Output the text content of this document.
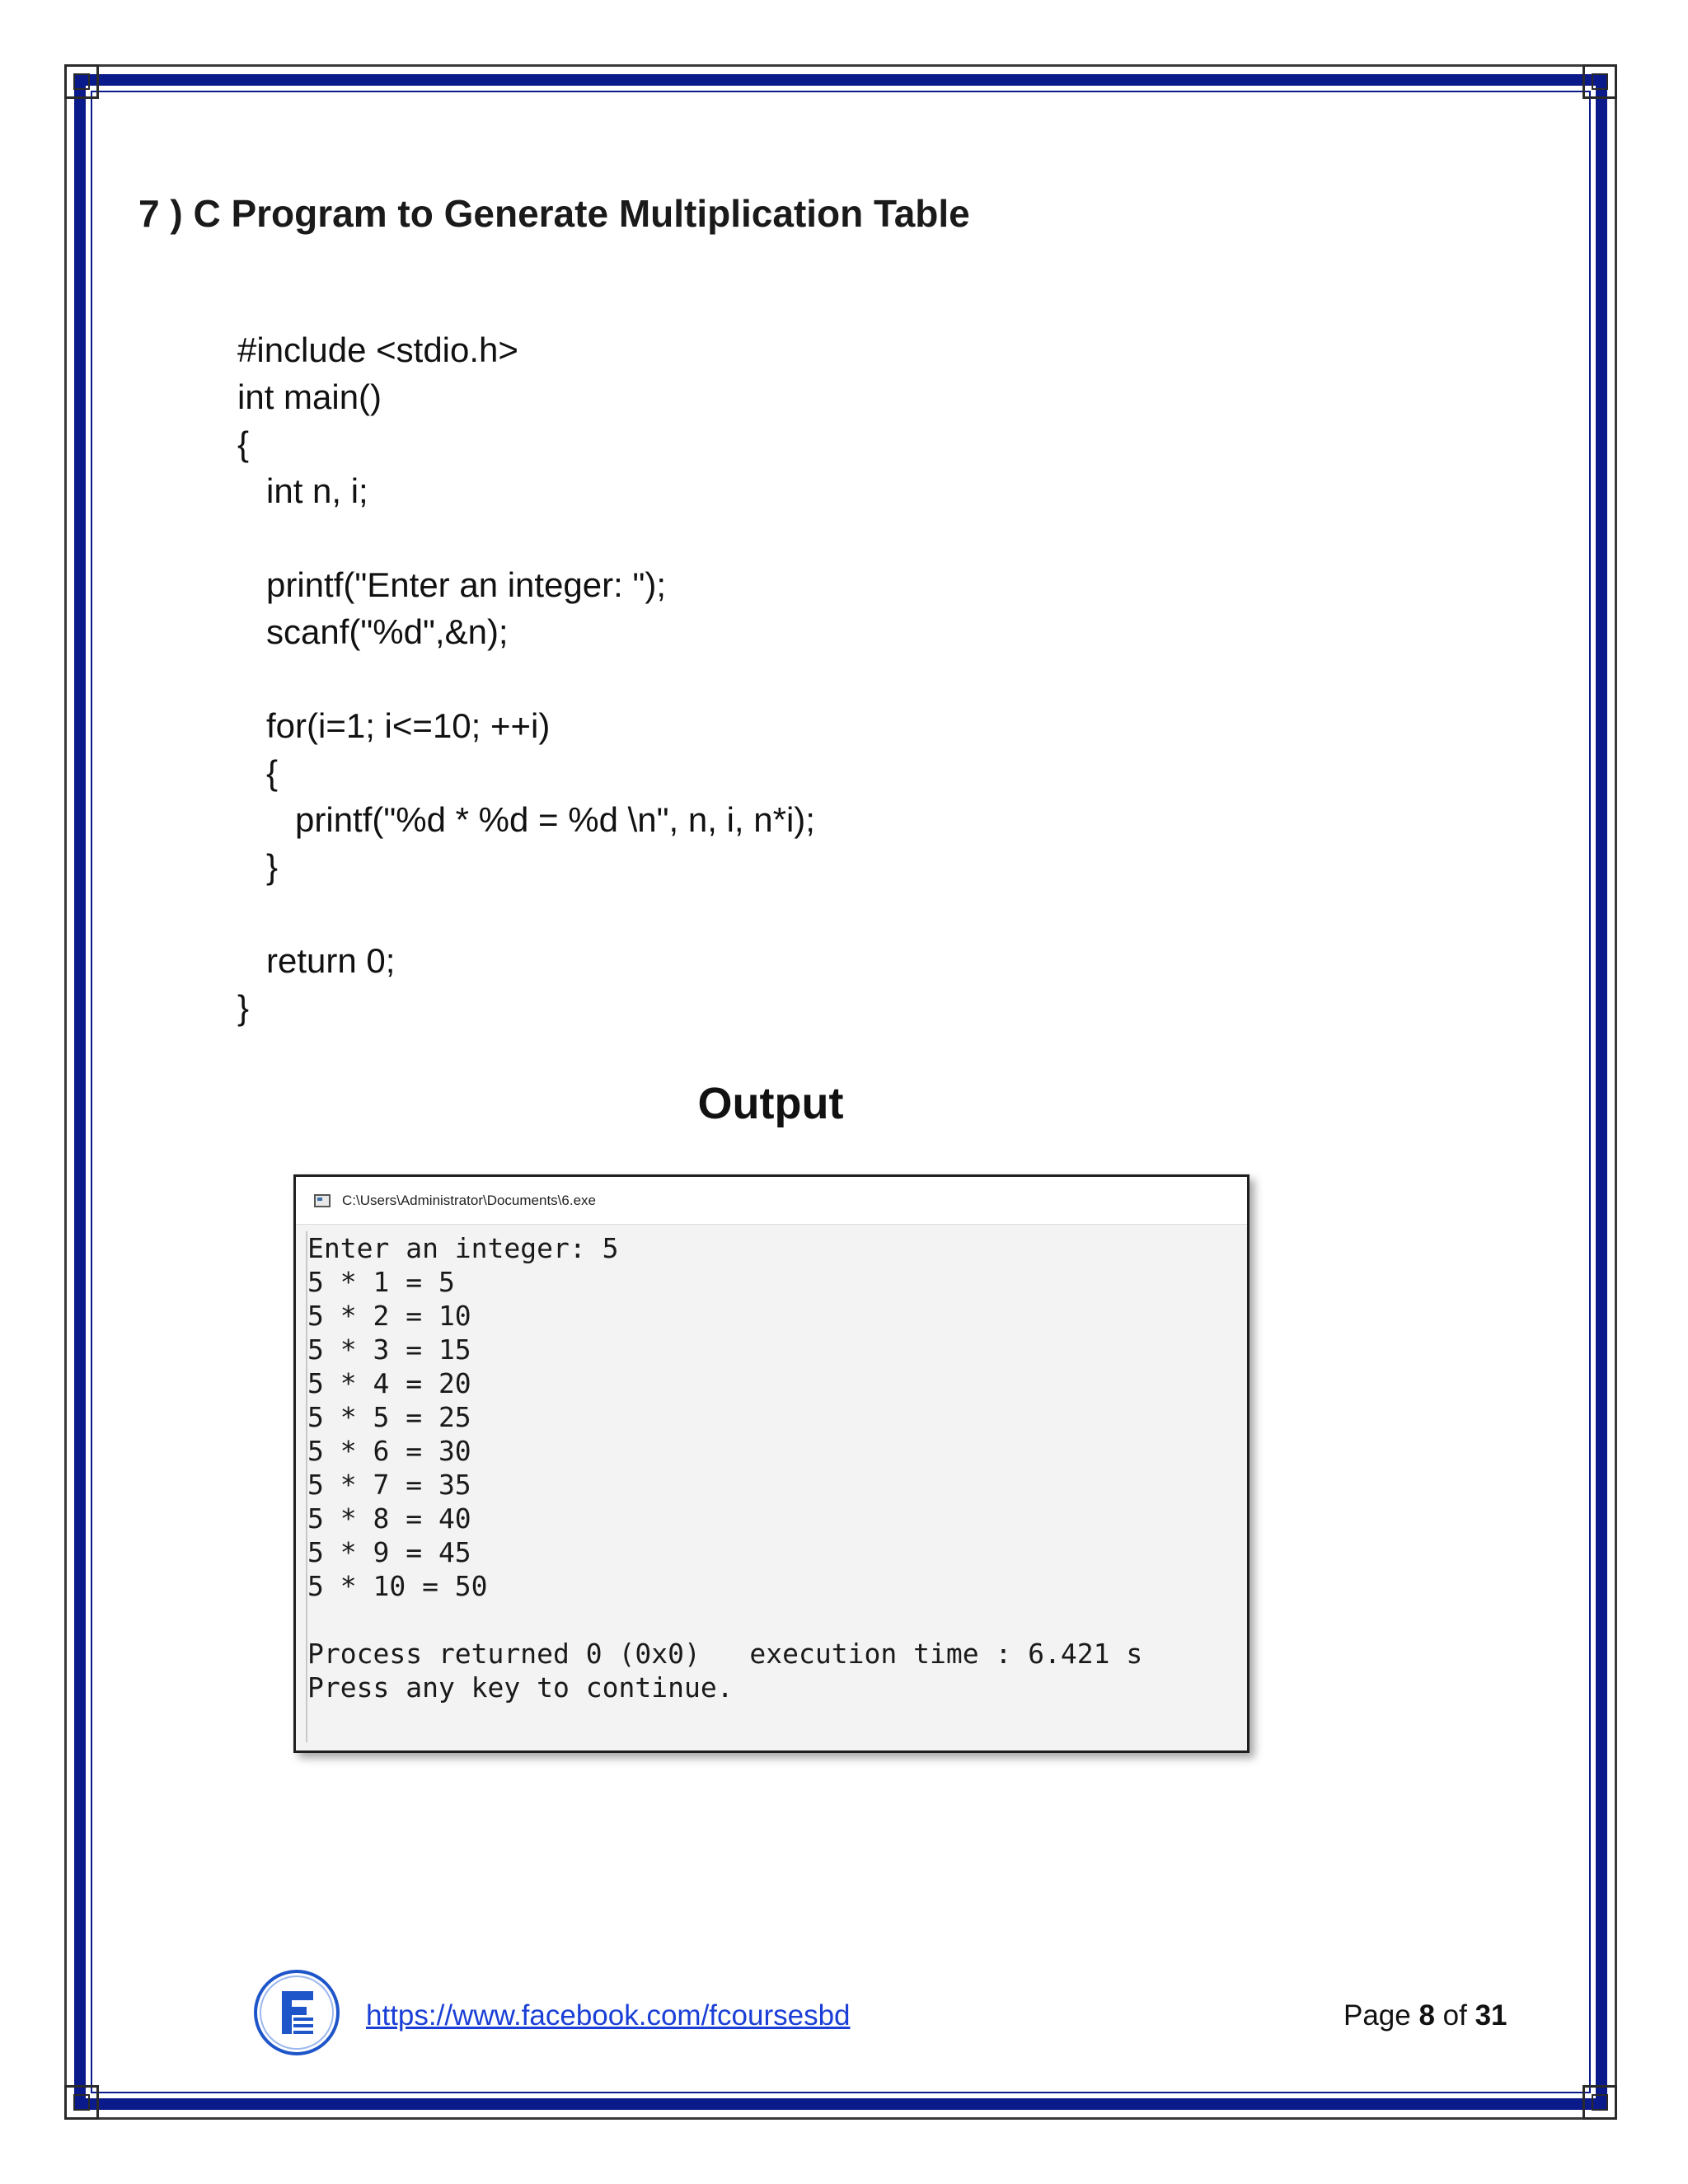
7 ) C Program to Generate Multiplication Table
#include <stdio.h>
int main()
{
int n, i;
printf("Enter an integer: ");
scanf("%d",&n);
for(i=1; i<=10; ++i)
{
printf("%d * %d = %d \n", n, i, n*i);
}
return 0;
}
Output
C:\Users\Administrator\Documents\6.exe
Enter an integer: 5
5 * 1 = 5
5 * 2 = 10
5 * 3 = 15
5 * 4 = 20
5 * 5 = 25
5 * 6 = 30
5 * 7 = 35
5 * 8 = 40
5 * 9 = 45
5 * 10 = 50
Process returned 0 (0x0)   execution time : 6.421 s
Press any key to continue.
https://www.facebook.com/fcoursesbd	Page 8 of 31
